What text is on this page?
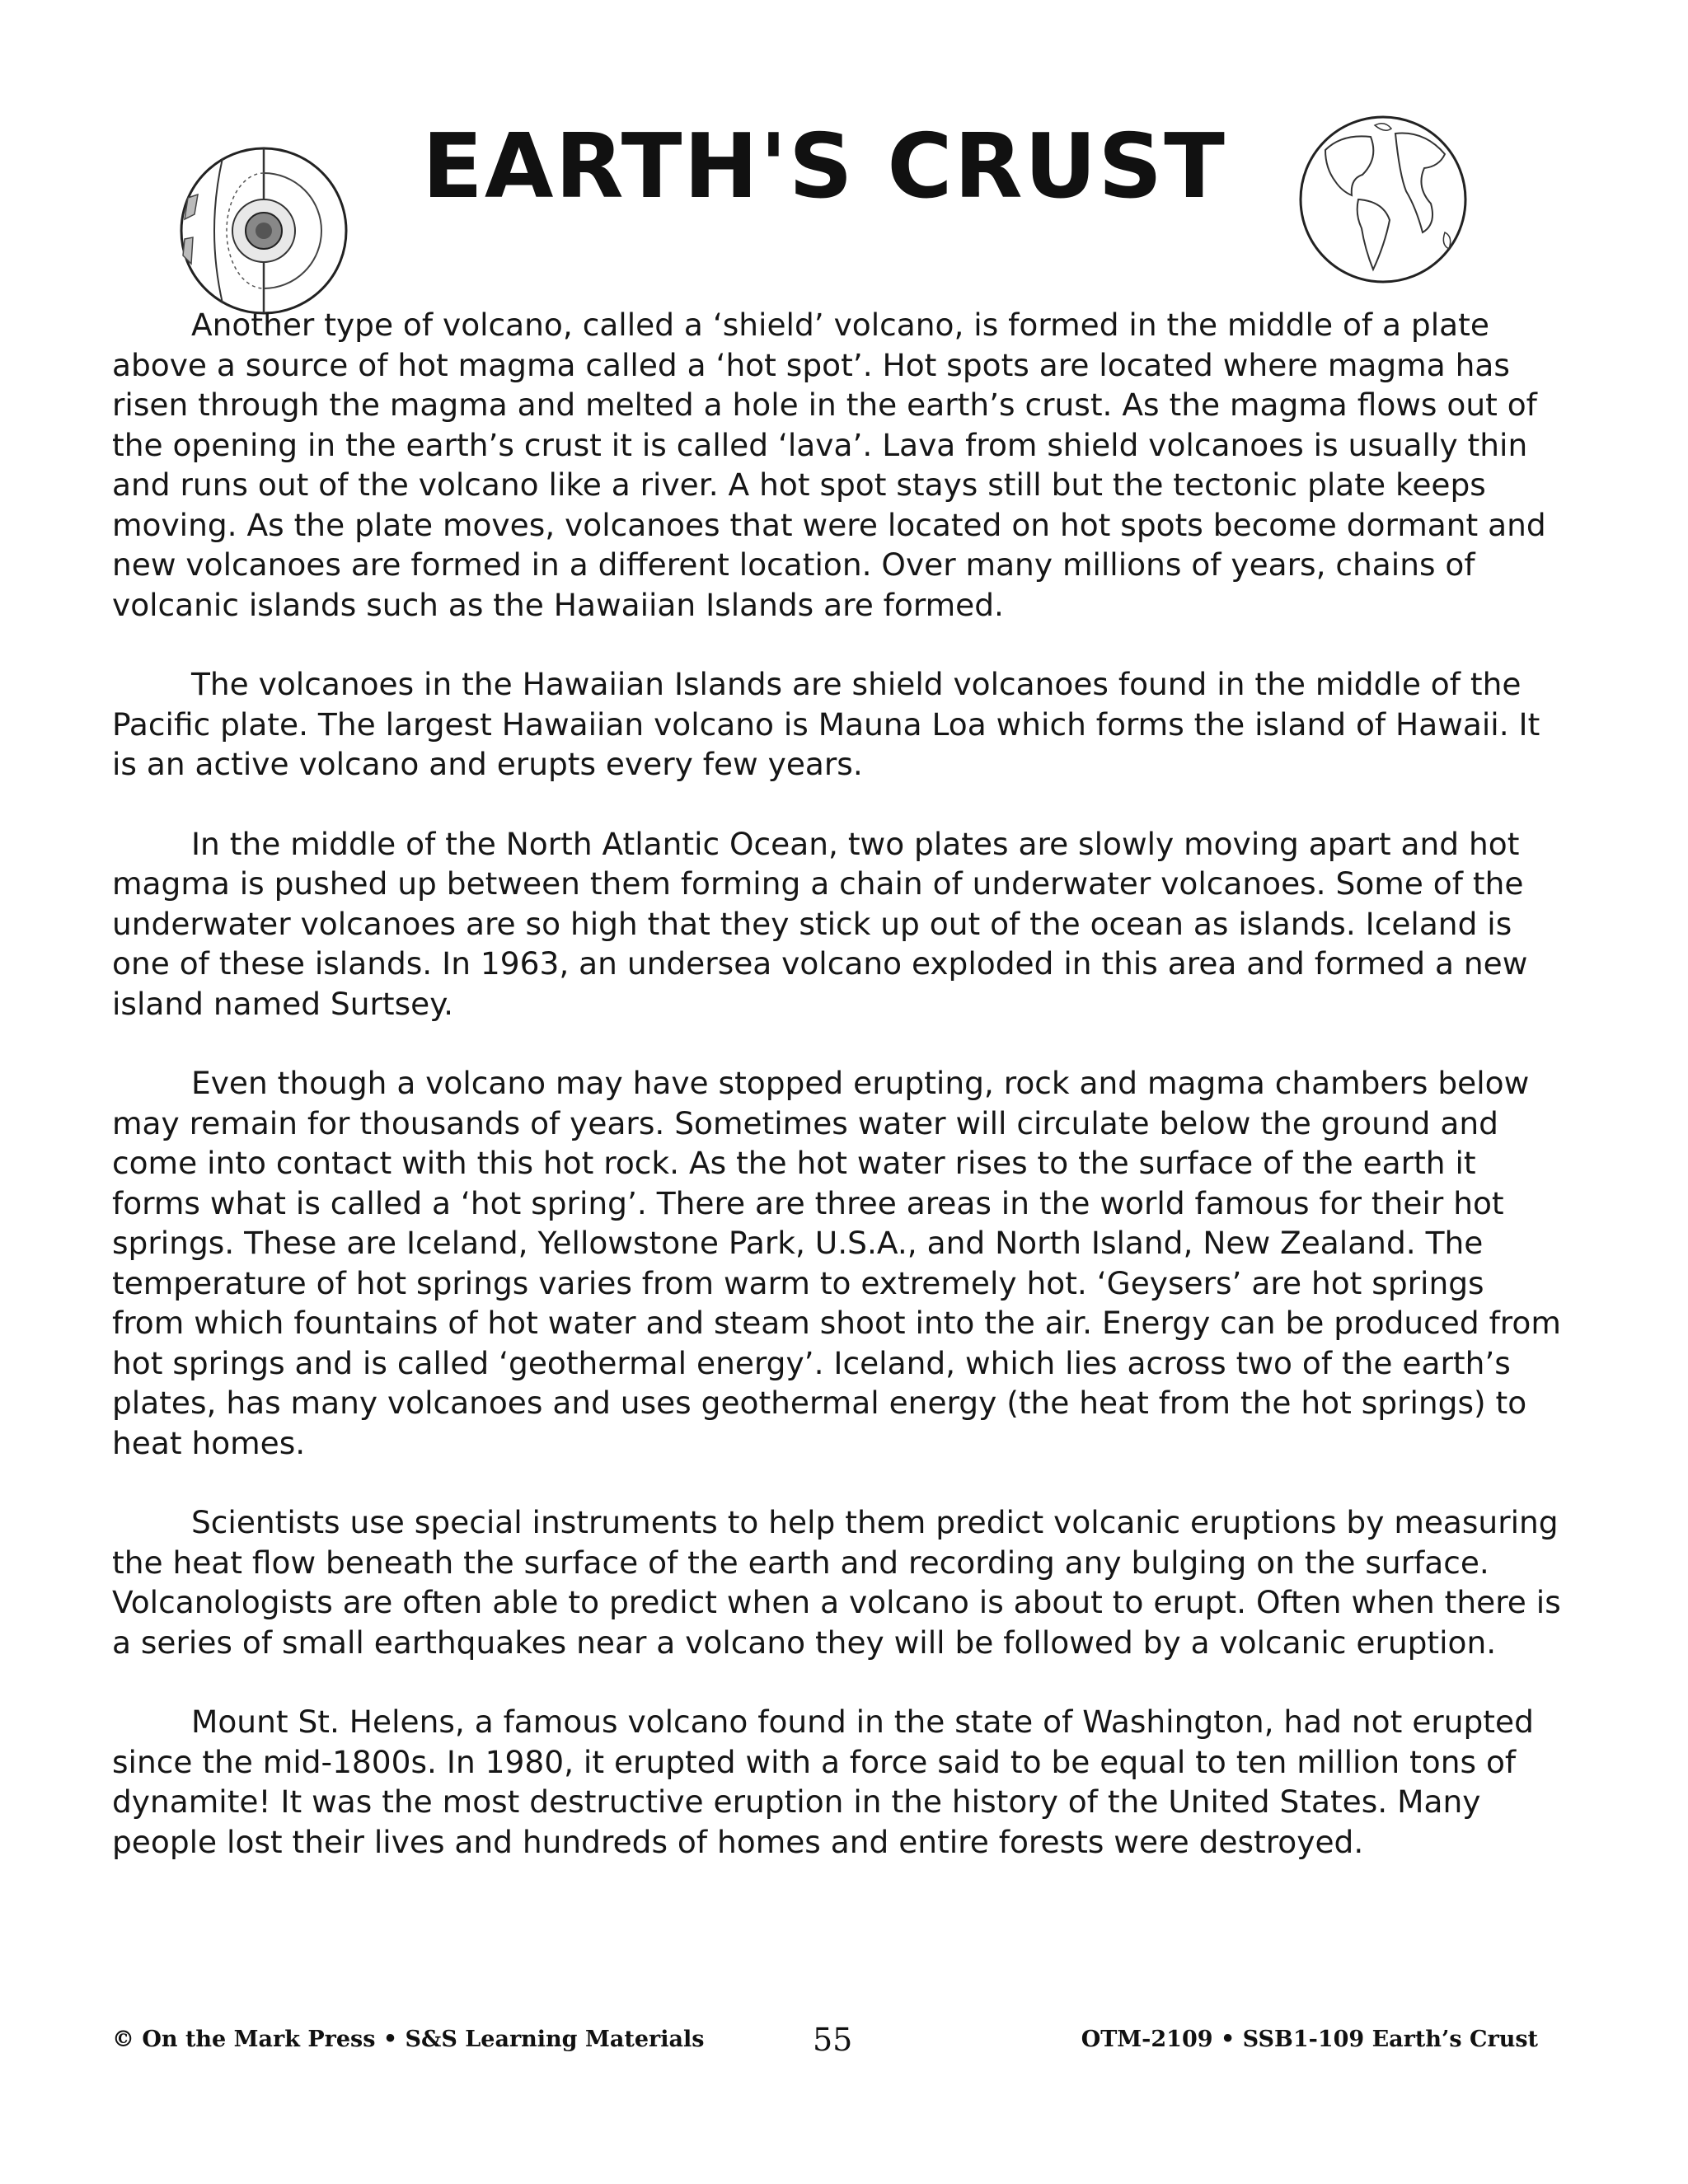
EARTH'S CRUST

Another type of volcano, called a ‘shield’ volcano, is formed in the middle of a plate above a source of hot magma called a ‘hot spot’. Hot spots are located where magma has risen through the magma and melted a hole in the earth’s crust. As the magma flows out of the opening in the earth’s crust it is called ‘lava’. Lava from shield volcanoes is usually thin and runs out of the volcano like a river. A hot spot stays still but the tectonic plate keeps moving. As the plate moves, volcanoes that were located on hot spots become dormant and new volcanoes are formed in a different location. Over many millions of years, chains of volcanic islands such as the Hawaiian Islands are formed.

The volcanoes in the Hawaiian Islands are shield volcanoes found in the middle of the Pacific plate. The largest Hawaiian volcano is Mauna Loa which forms the island of Hawaii. It is an active volcano and erupts every few years.

In the middle of the North Atlantic Ocean, two plates are slowly moving apart and hot magma is pushed up between them forming a chain of underwater volcanoes. Some of the underwater volcanoes are so high that they stick up out of the ocean as islands. Iceland is one of these islands. In 1963, an undersea volcano exploded in this area and formed a new island named Surtsey.

Even though a volcano may have stopped erupting, rock and magma chambers below may remain for thousands of years. Sometimes water will circulate below the ground and come into contact with this hot rock. As the hot water rises to the surface of the earth it forms what is called a ‘hot spring’. There are three areas in the world famous for their hot springs. These are Iceland, Yellowstone Park, U.S.A., and North Island, New Zealand. The temperature of hot springs varies from warm to extremely hot. ‘Geysers’ are hot springs from which fountains of hot water and steam shoot into the air. Energy can be produced from hot springs and is called ‘geothermal energy’. Iceland, which lies across two of the earth’s plates, has many volcanoes and uses geothermal energy (the heat from the hot springs) to heat homes.

Scientists use special instruments to help them predict volcanic eruptions by measuring the heat flow beneath the surface of the earth and recording any bulging on the surface. Volcanologists are often able to predict when a volcano is about to erupt. Often when there is a series of small earthquakes near a volcano they will be followed by a volcanic eruption.

Mount St. Helens, a famous volcano found in the state of Washington, had not erupted since the mid-1800s. In 1980, it erupted with a force said to be equal to ten million tons of dynamite! It was the most destructive eruption in the history of the United States. Many people lost their lives and hundreds of homes and entire forests were destroyed.

© On the Mark Press • S&S Learning Materials	55	OTM-2109 • SSB1-109 Earth’s Crust
